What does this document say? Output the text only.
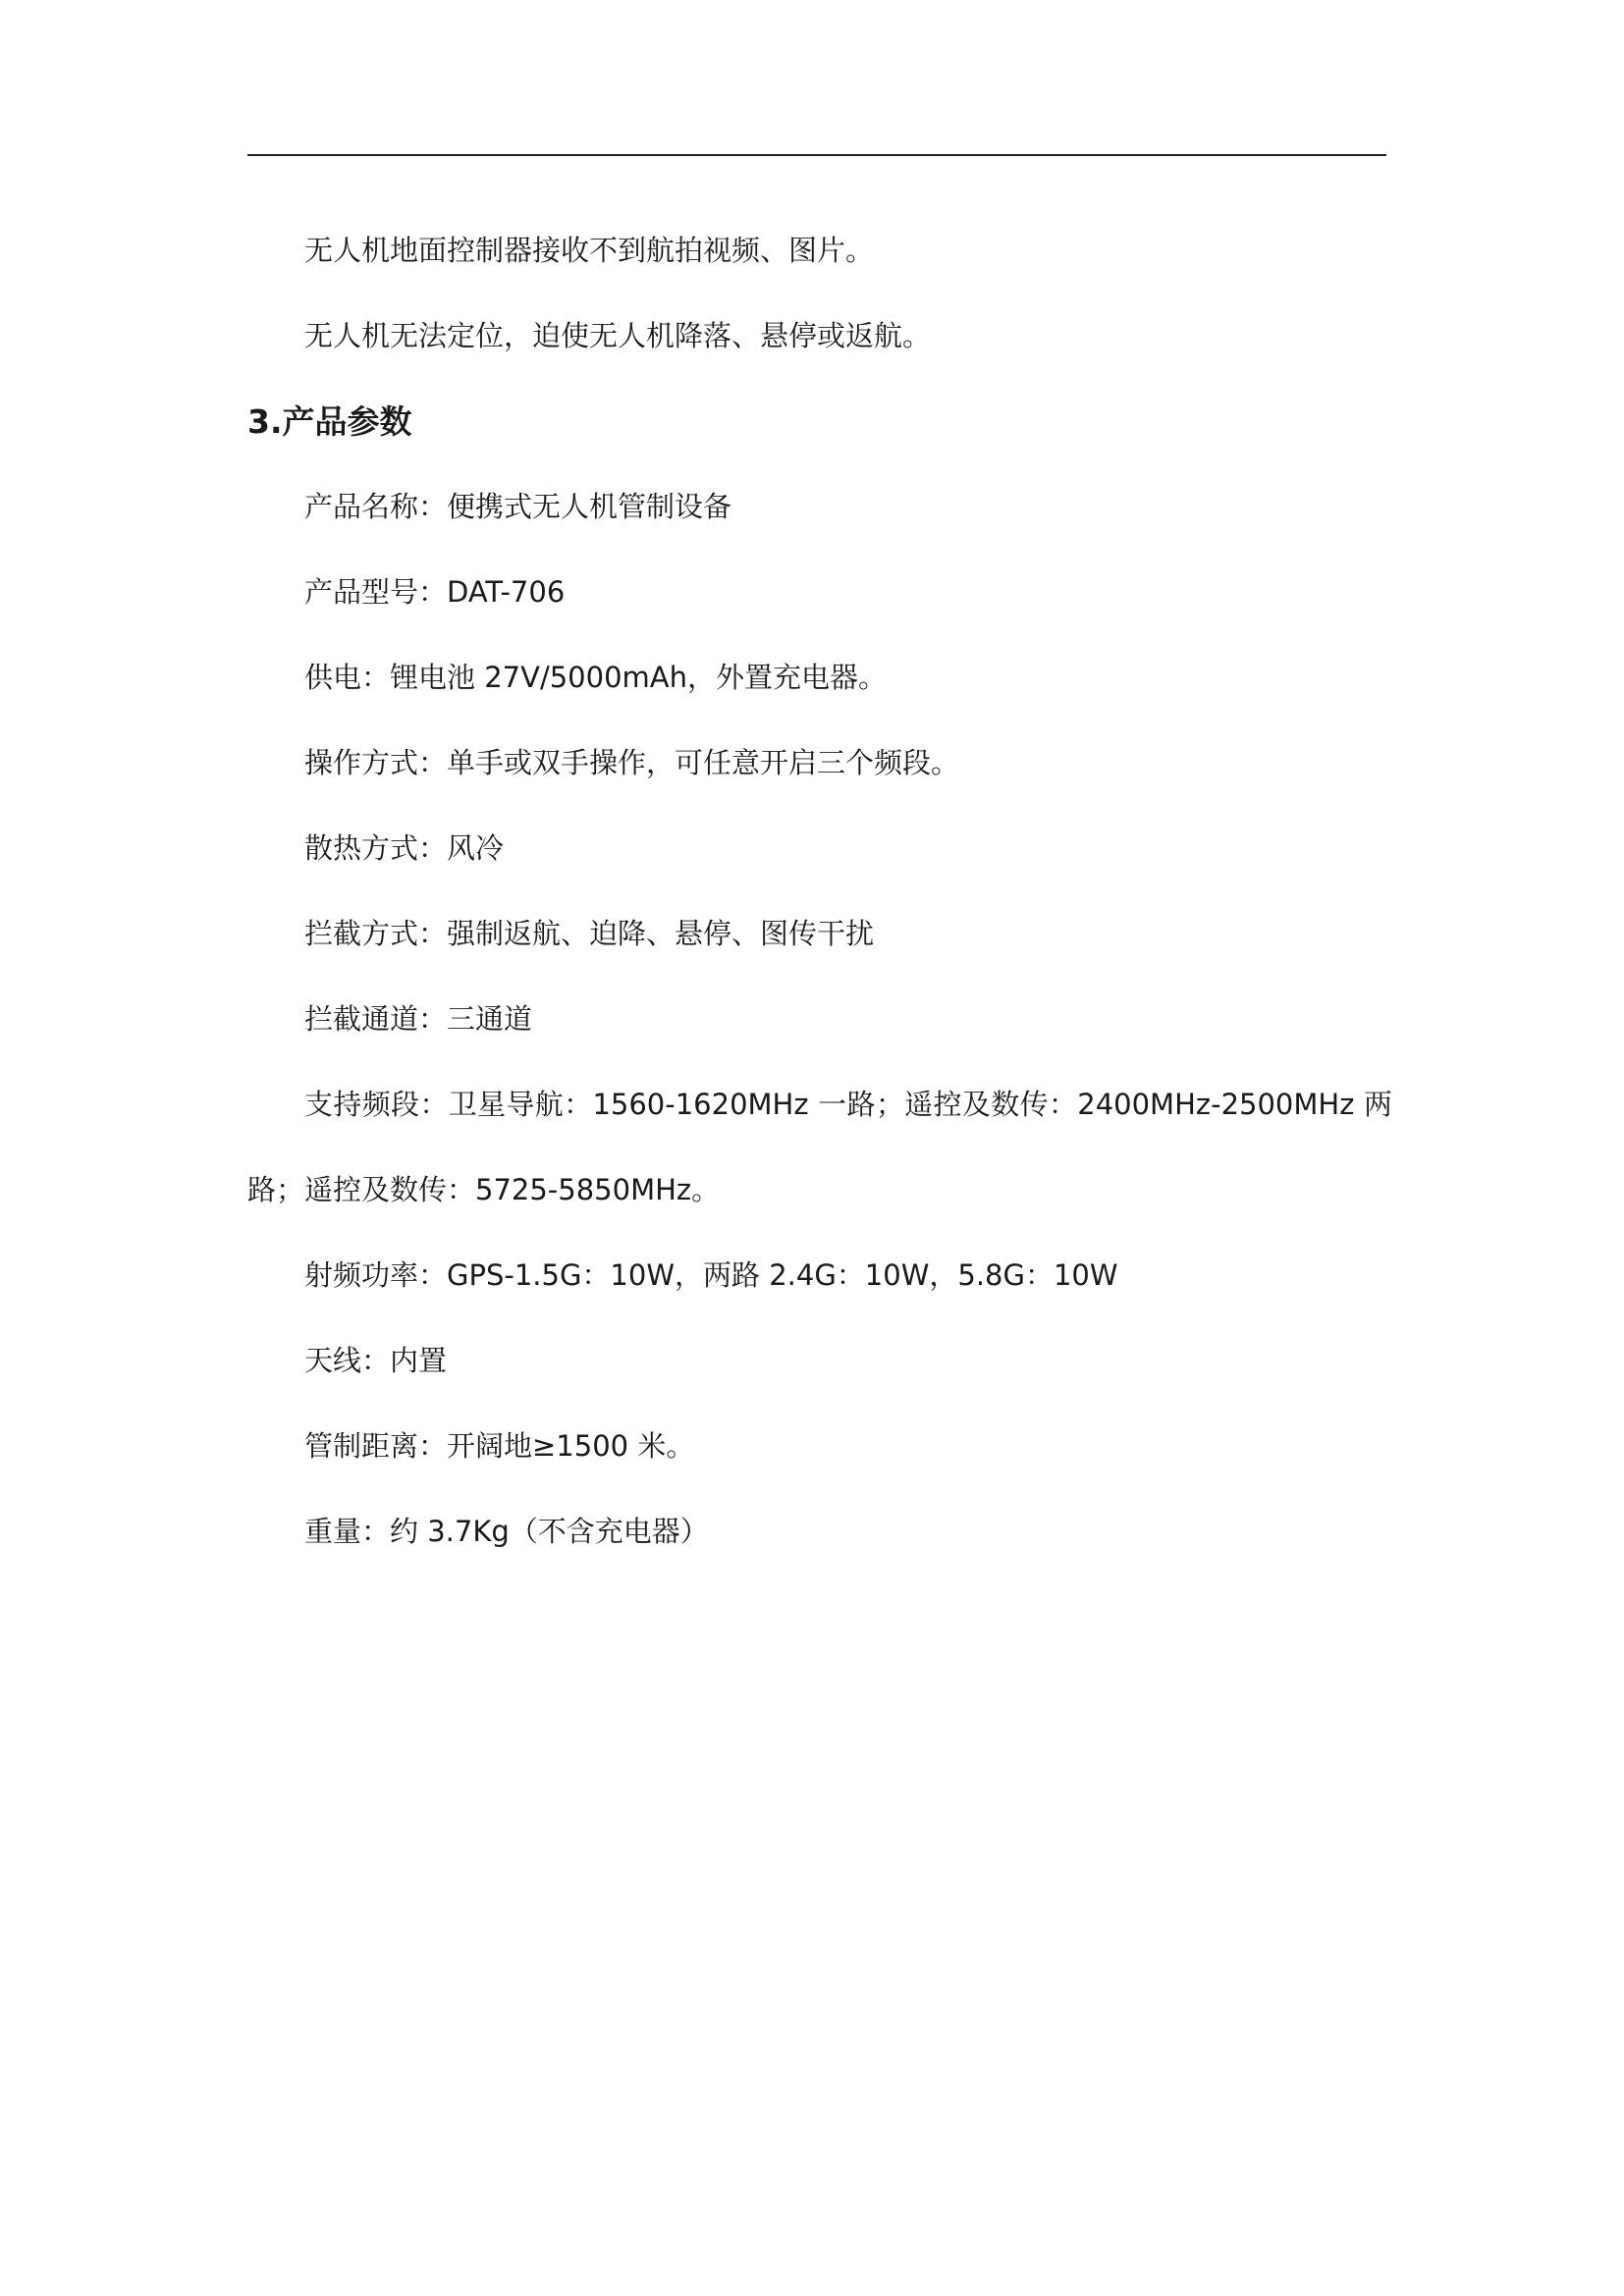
无人机地面控制器接收不到航拍视频、图片。

无人机无法定位，迫使无人机降落、悬停或返航。

3.产品参数

产品名称：便携式无人机管制设备

产品型号：DAT-706

供电：锂电池 27V/5000mAh，外置充电器。

操作方式：单手或双手操作，可任意开启三个频段。

散热方式：风冷

拦截方式：强制返航、迫降、悬停、图传干扰

拦截通道：三通道

支持频段：卫星导航：1560-1620MHz 一路；遥控及数传：2400MHz-2500MHz 两路；遥控及数传：5725-5850MHz。

射频功率：GPS-1.5G：10W，两路 2.4G：10W，5.8G：10W

天线：内置

管制距离：开阔地≥1500 米。

重量：约 3.7Kg（不含充电器）
